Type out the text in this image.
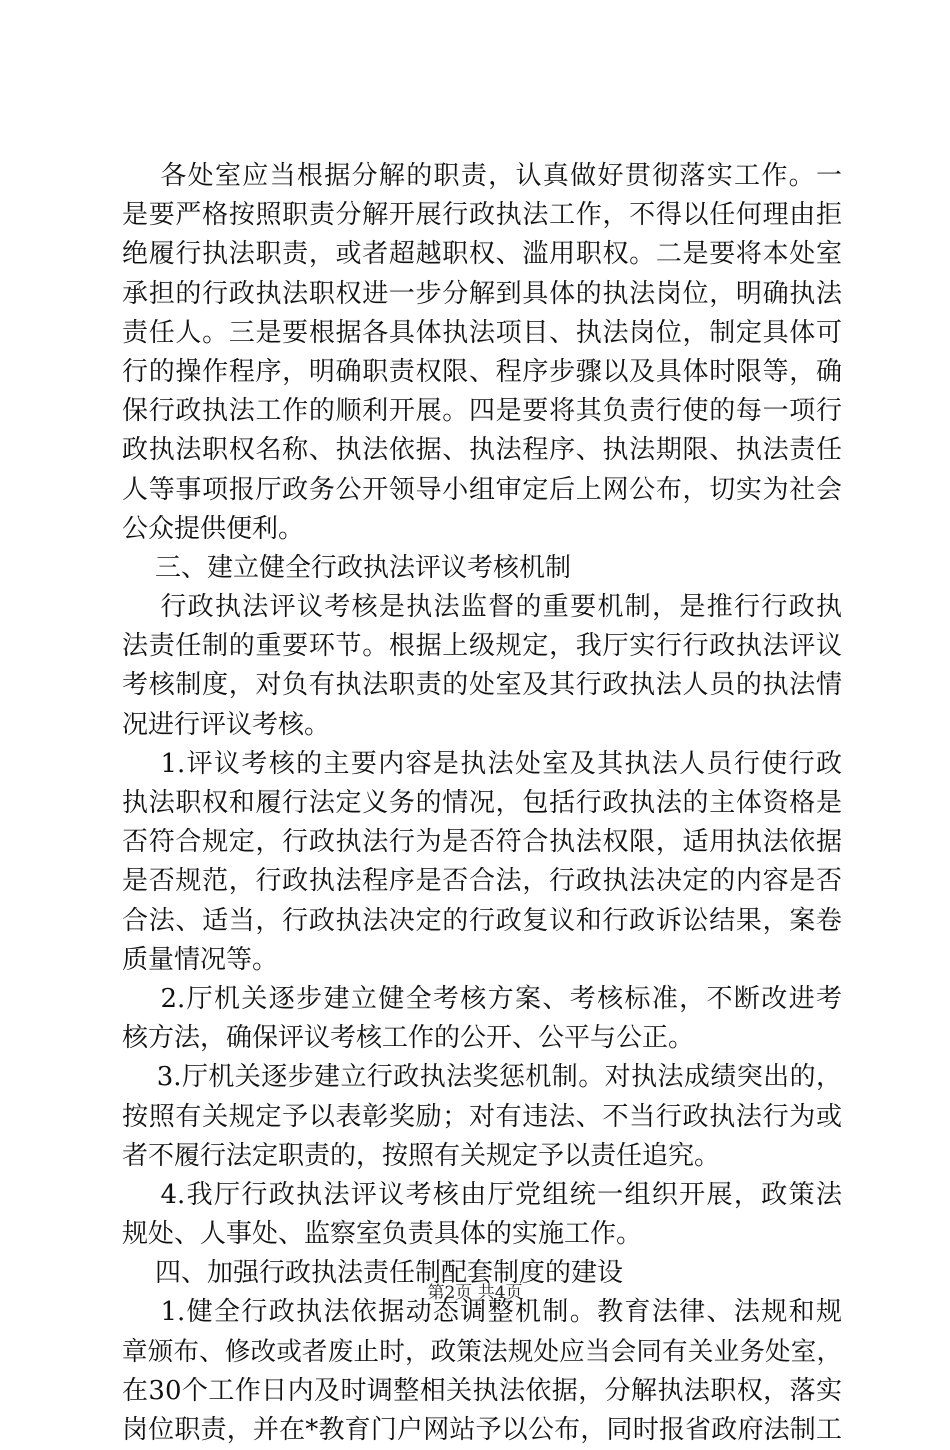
各处室应当根据分解的职责，认真做好贯彻落实工作。一
是要严格按照职责分解开展行政执法工作，不得以任何理由拒
绝履行执法职责，或者超越职权、滥用职权。二是要将本处室
承担的行政执法职权进一步分解到具体的执法岗位，明确执法
责任人。三是要根据各具体执法项目、执法岗位，制定具体可
行的操作程序，明确职责权限、程序步骤以及具体时限等，确
保行政执法工作的顺利开展。四是要将其负责行使的每一项行
政执法职权名称、执法依据、执法程序、执法期限、执法责任
人等事项报厅政务公开领导小组审定后上网公布，切实为社会
公众提供便利。
三、建立健全行政执法评议考核机制
行政执法评议考核是执法监督的重要机制，是推行行政执
法责任制的重要环节。根据上级规定，我厅实行行政执法评议
考核制度，对负有执法职责的处室及其行政执法人员的执法情
况进行评议考核。
1.评议考核的主要内容是执法处室及其执法人员行使行政
执法职权和履行法定义务的情况，包括行政执法的主体资格是
否符合规定，行政执法行为是否符合执法权限，适用执法依据
是否规范，行政执法程序是否合法，行政执法决定的内容是否
合法、适当，行政执法决定的行政复议和行政诉讼结果，案卷
质量情况等。
2.厅机关逐步建立健全考核方案、考核标准，不断改进考
核方法，确保评议考核工作的公开、公平与公正。
3.厅机关逐步建立行政执法奖惩机制。对执法成绩突出的，
按照有关规定予以表彰奖励；对有违法、不当行政执法行为或
者不履行法定职责的，按照有关规定予以责任追究。
4.我厅行政执法评议考核由厅党组统一组织开展，政策法
规处、人事处、监察室负责具体的实施工作。
四、加强行政执法责任制配套制度的建设
1.健全行政执法依据动态调整机制。教育法律、法规和规
章颁布、修改或者废止时，政策法规处应当会同有关业务处室，
在30个工作日内及时调整相关执法依据，分解执法职权，落实
岗位职责，并在*教育门户网站予以公布，同时报省政府法制工
第2页 共4页
